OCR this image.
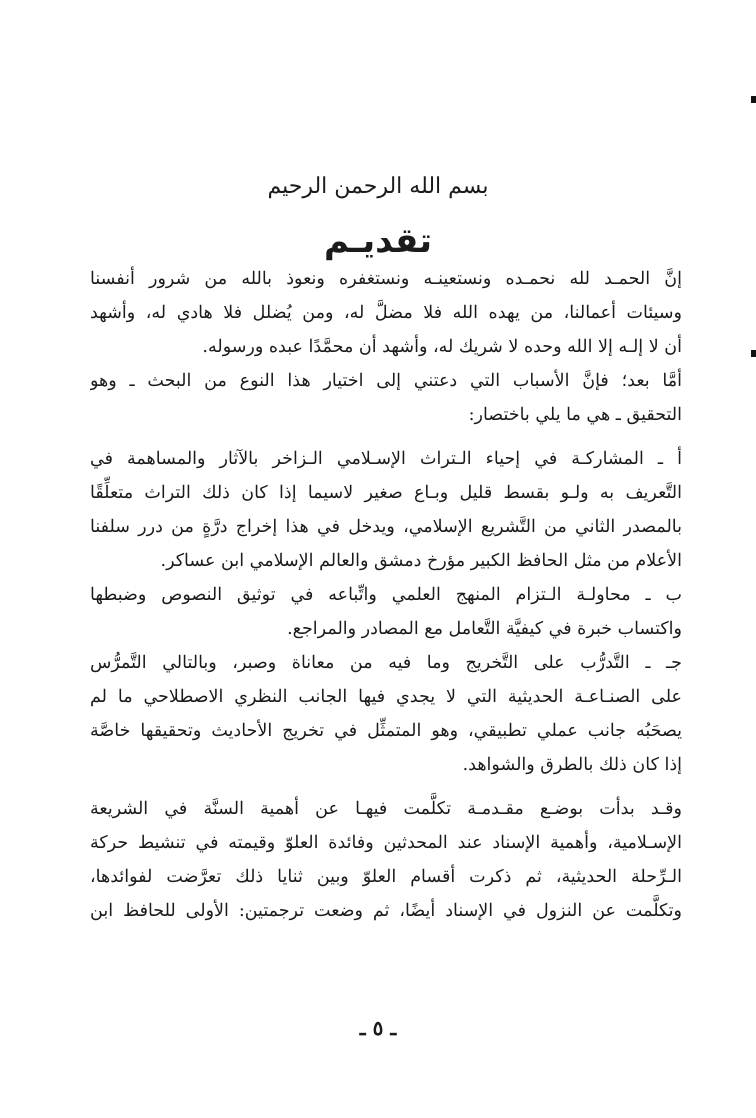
بسم الله الرحمن الرحيم
تقديـم
إنَّ الحمـد لله نحمـده ونستعينـه ونستغفره ونعوذ بالله من شرور أنفسنا
وسيئات أعمالنا، من يهده الله فلا مضلَّ له، ومن يُضلل فلا هادي له، وأشهد
أن لا إلـه إلا الله وحده لا شريك له، وأشهد أن محمَّدًا عبده ورسوله.
أمَّا بعد؛ فإنَّ الأسباب التي دعتني إلى اختيار هذا النوع من البحث ـ وهو
التحقيق ـ هي ما يلي باختصار:
أ ـ المشاركـة في إحياء الـتراث الإسـلامي الـزاخر بالآثار والمساهمة في
التَّعريف به ولـو بقسط قليل وبـاع صغير لاسيما إذا كان ذلك التراث متعلِّقًا
بالمصدر الثاني من التَّشريع الإسلامي، ويدخل في هذا إخراج درَّةٍ من درر سلفنا
الأعلام من مثل الحافظ الكبير مؤرخ دمشق والعالم الإسلامي ابن عساكر.
ب ـ محاولـة الـتزام المنهج العلمي واتِّباعه في توثيق النصوص وضبطها
واكتساب خبرة في كيفيَّة التَّعامل مع المصادر والمراجع.
جـ ـ التَّدرُّب على التَّخريج وما فيه من معاناة وصبر، وبالتالي التَّمرُّس
على الصنـاعـة الحديثية التي لا يجدي فيها الجانب النظري الاصطلاحي ما لم
يصحَبُه جانب عملي تطبيقي، وهو المتمثِّل في تخريج الأحاديث وتحقيقها خاصَّة
إذا كان ذلك بالطرق والشواهد.
وقـد بدأت بوضـع مقـدمـة تكلَّمت فيهـا عن أهمية السنَّة في الشريعة
الإسـلامية، وأهمية الإسناد عند المحدثين وفائدة العلوّ وقيمته في تنشيط حركة
الـرِّحلة الحديثية، ثم ذكرت أقسام العلوّ وبين ثنايا ذلك تعرَّضت لفوائدها،
وتكلَّمت عن النزول في الإسناد أيضًا، ثم وضعت ترجمتين: الأولى للحافظ ابن
ـ ٥ ـ
